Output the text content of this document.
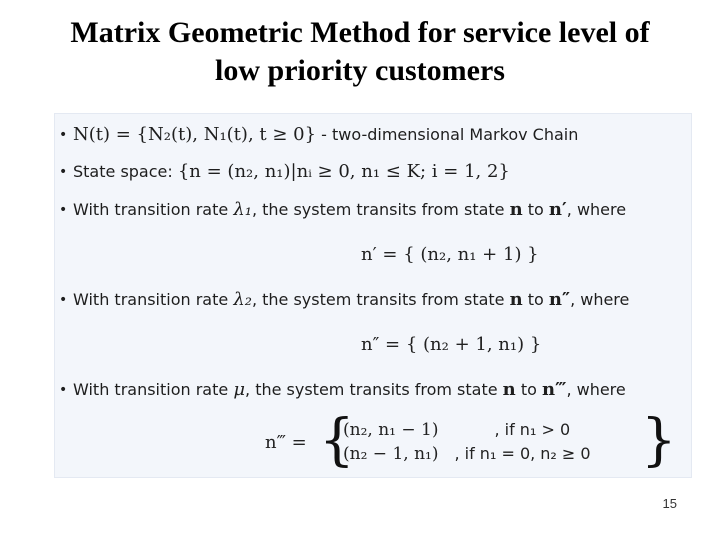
Matrix Geometric Method for service level of
low priority customers
• N(t) = {N₂(t), N₁(t), t ≥ 0} - two-dimensional Markov Chain
• State space: {n = (n₂, n₁)|nᵢ ≥ 0, n₁ ≤ K; i = 1, 2}
• With transition rate λ₁, the system transits from state n to n′, where
n′ = { (n₂, n₁ + 1) }
• With transition rate λ₂, the system transits from state n to n″, where
n″ = { (n₂ + 1, n₁) }
• With transition rate μ, the system transits from state n to n‴, where
n‴ = {
(n₂, n₁ − 1)	, if n₁ > 0
(n₂ − 1, n₁) , if n₁ = 0, n₂ ≥ 0 }
15
